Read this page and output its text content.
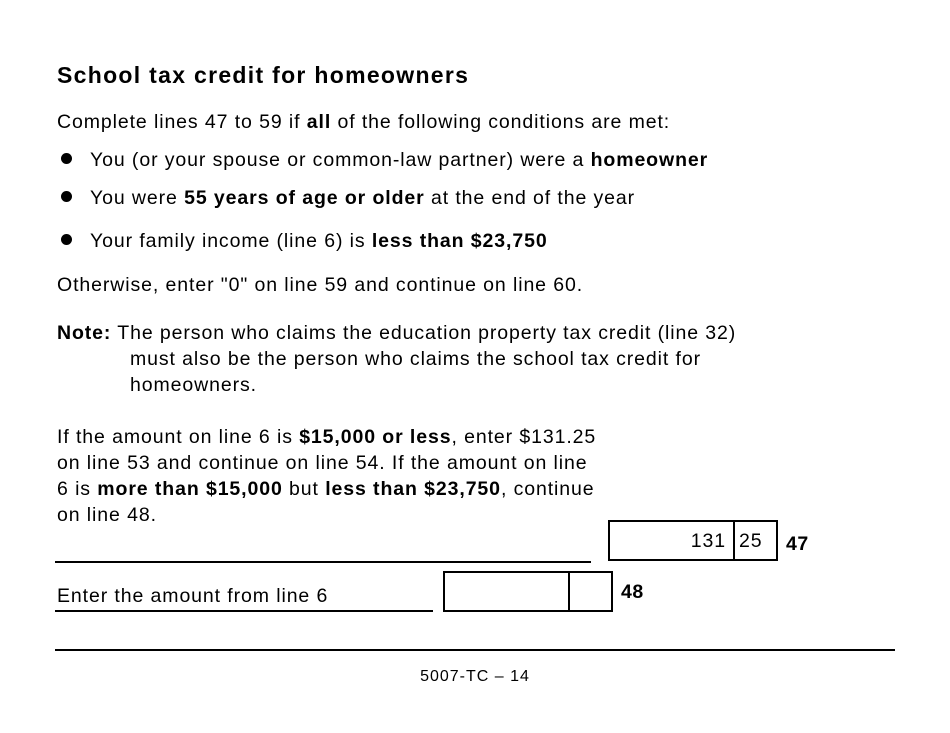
School tax credit for homeowners
Complete lines 47 to 59 if all of the following conditions are met:
You (or your spouse or common-law partner) were a homeowner
You were 55 years of age or older at the end of the year
Your family income (line 6) is less than $23,750
Otherwise, enter "0" on line 59 and continue on line 60.
Note: The person who claims the education property tax credit (line 32)
must also be the person who claims the school tax credit for
homeowners.
If the amount on line 6 is $15,000 or less, enter $131.25 on line 53 and continue on line 54. If the amount on line 6 is more than $15,000 but less than $23,750, continue on line 48.
131 25	47
Enter the amount from line 6	48
5007-TC – 14
